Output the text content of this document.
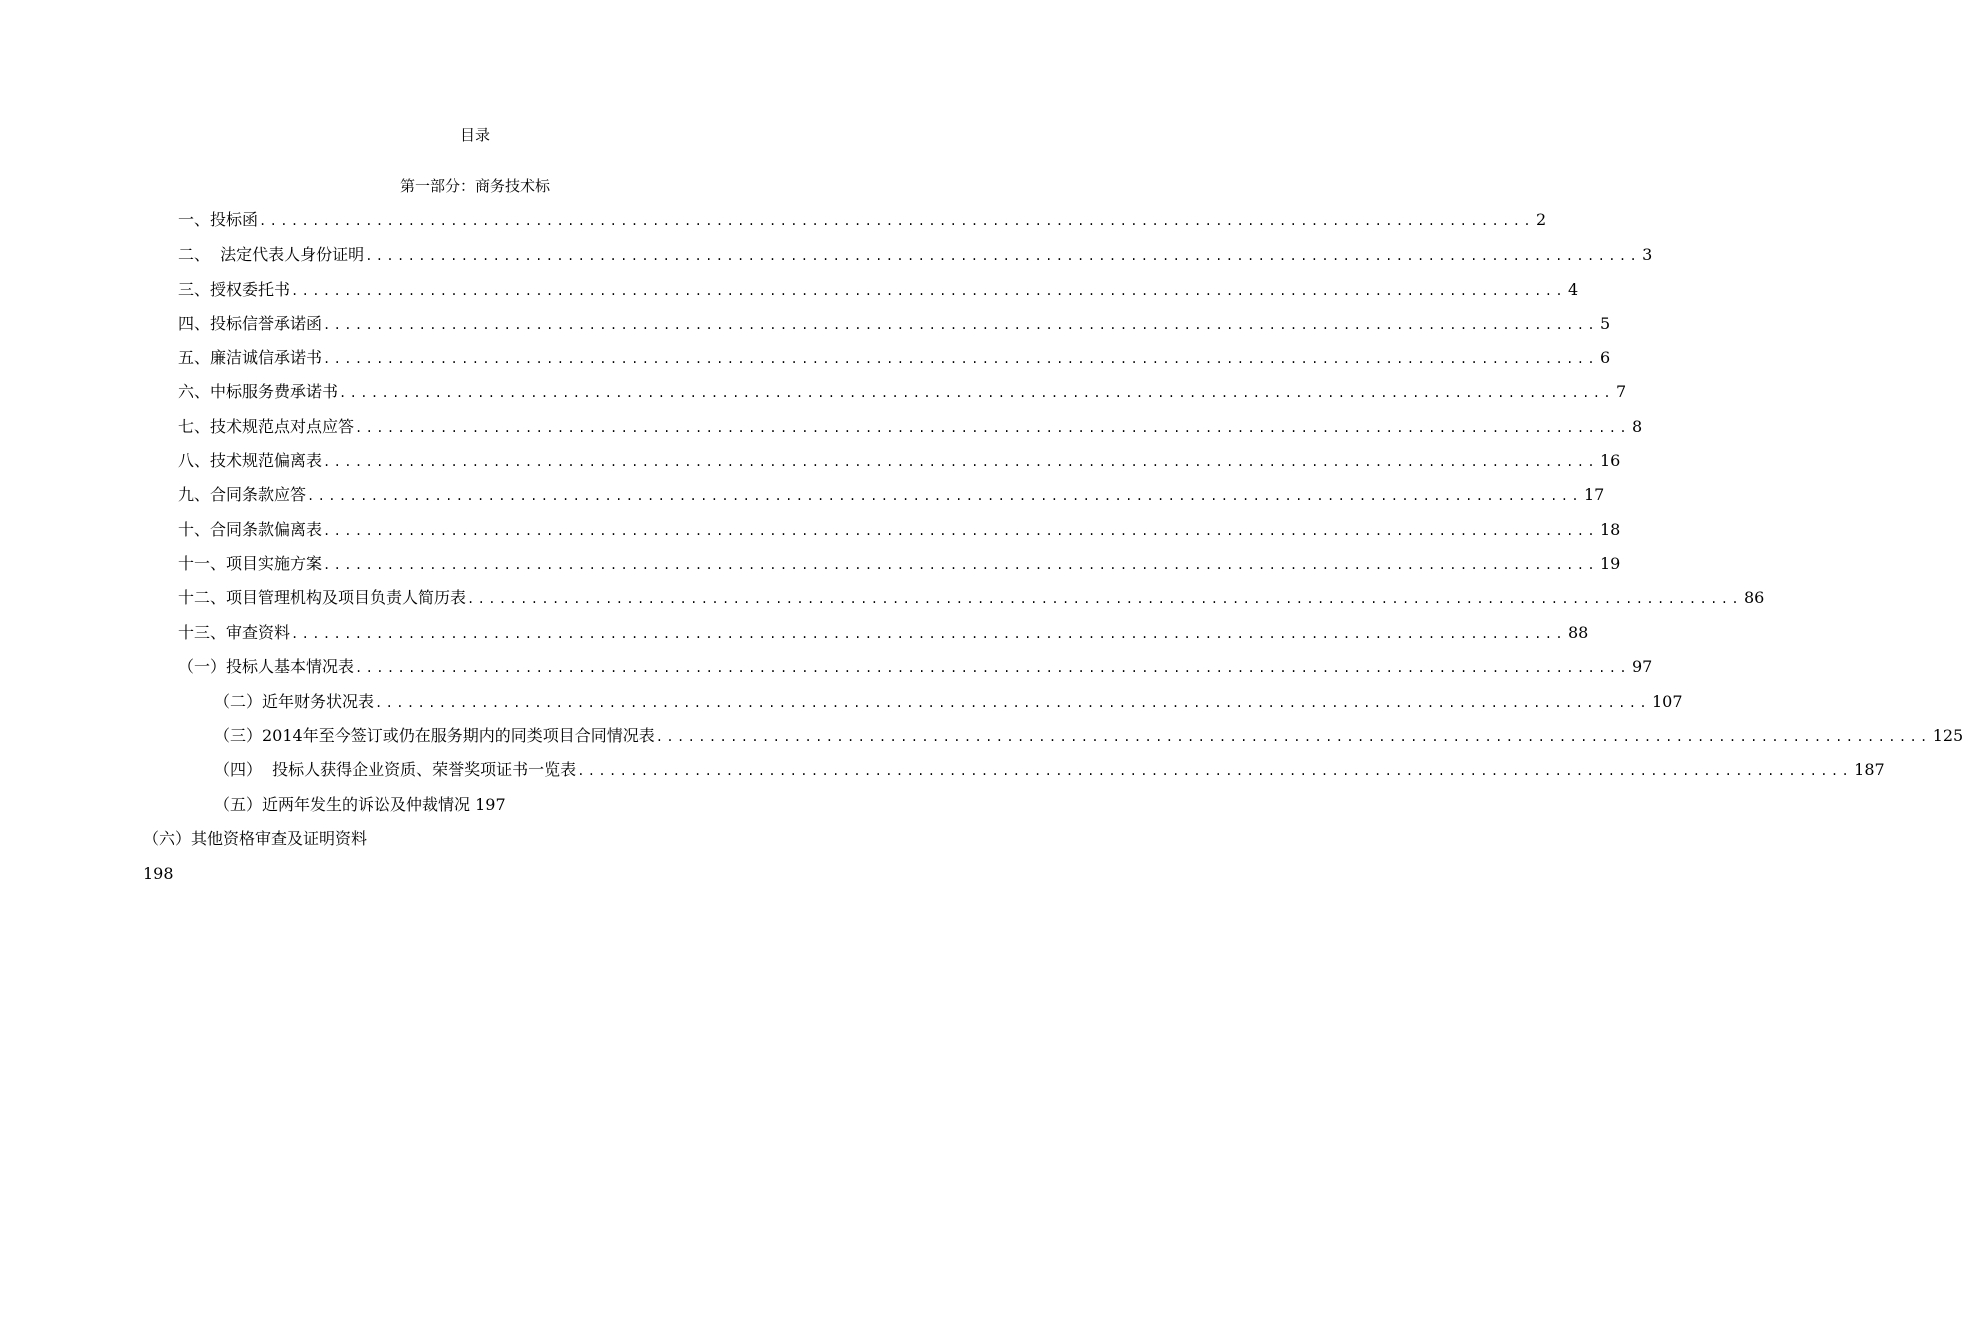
目录
第一部分：商务技术标
一、投标函 ........................................................................................................................ 2
二、  法定代表人身份证明 ........................................................................................................................ 3
三、授权委托书 ........................................................................................................................ 4
四、投标信誉承诺函 ........................................................................................................................ 5
五、廉洁诚信承诺书 ........................................................................................................................ 6
六、中标服务费承诺书 ........................................................................................................................ 7
七、技术规范点对点应答 ........................................................................................................................ 8
八、技术规范偏离表 ........................................................................................................................ 16
九、合同条款应答 ........................................................................................................................ 17
十、合同条款偏离表 ........................................................................................................................ 18
十一、项目实施方案 ........................................................................................................................ 19
十二、项目管理机构及项目负责人简历表 ........................................................................................................................ 86
十三、审查资料 ........................................................................................................................ 88
（一）投标人基本情况表 ........................................................................................................................ 97
（二）近年财务状况表 ........................................................................................................................ 107
（三）2014年至今签订或仍在服务期内的同类项目合同情况表 ........................................................................................................................ 125
（四）  投标人获得企业资质、荣誉奖项证书一览表 ........................................................................................................................ 187
（五）近两年发生的诉讼及仲裁情况 197
（六）其他资格审查及证明资料
198
